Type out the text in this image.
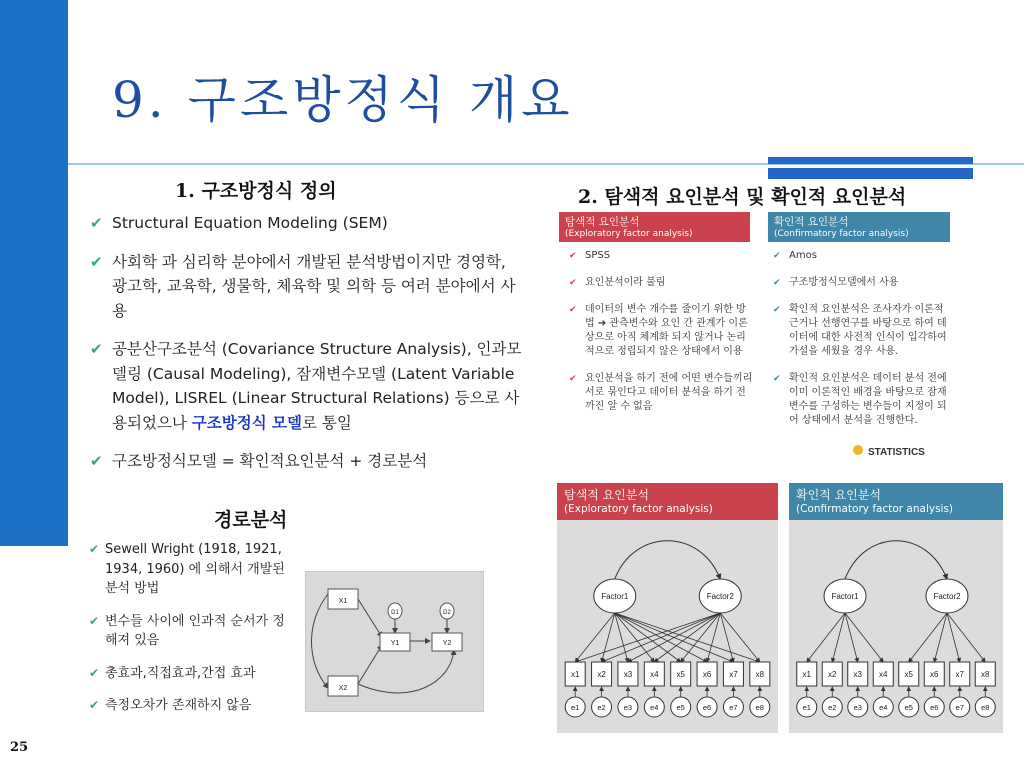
9. 구조방정식 개요
1. 구조방정식 정의
✔ Structural Equation Modeling (SEM)
✔ 사회학 과 심리학 분야에서 개발된 분석방법이지만 경영학, 광고학, 교육학, 생물학, 체육학 및 의학 등 여러 분야에서 사용
✔ 공분산구조분석 (Covariance Structure Analysis), 인과모델링 (Causal Modeling), 잠재변수모델 (Latent Variable Model), LISREL (Linear Structural Relations) 등으로 사용되었으나 구조방정식 모델로 통일
✔ 구조방정식모델 = 확인적요인분석 + 경로분석
2. 탐색적 요인분석 및 확인적 요인분석
탐색적 요인분석
(Exploratory factor analysis)
확인적 요인분석
(Confirmatory factor analysis)
✔ SPSS
✔ 요인분석이라 불림
✔ 데이터의 변수 개수를 줄이기 위한 방법 ➔ 관측변수와 요인 간 관계가 이론상으로 아직 체계화 되지 않거나 논리적으로 정립되지 않은 상태에서 이용
✔ 요인분석을 하기 전에 어떤 변수들끼리 서로 묶인다고 데이터 분석을 하기 전까진 알 수 없음
✔ Amos
✔ 구조방정식모델에서 사용
✔ 확인적 요인분석은 조사자가 이론적 근거나 선행연구를 바탕으로 하여 데이터에 대한 사전적 인식이 입각하여 가설을 세웠을 경우 사용.
✔ 확인적 요인분석은 데이터 분석 전에 이미 이론적인 배경을 바탕으로 잠재변수를 구성하는 변수들이 지정이 되어 상태에서 분석을 진행한다.
STATISTICS
경로분석
✔ Sewell Wright (1918, 1921, 1934, 1960) 에 의해서 개발된 분석 방법
✔ 변수들 사이에 인과적 순서가 정해져 있음
✔ 총효과,직접효과,간접 효과
✔ 측정오차가 존재하지 않음
X1
Y1	Y2
X2
D1	D2
탐색적 요인분석
(Exploratory factor analysis)
Factor1	Factor2
x1
e1
x2
e2
x3
e3
x4
e4
x5
e5
x6
e6
x7
e7
x8
e8
확인적 요인분석
(Confirmatory factor analysis)
Factor1	Factor2
x1
e1
x2
e2
x3
e3
x4
e4
x5
e5
x6
e6
x7
e7
x8
e8
25
